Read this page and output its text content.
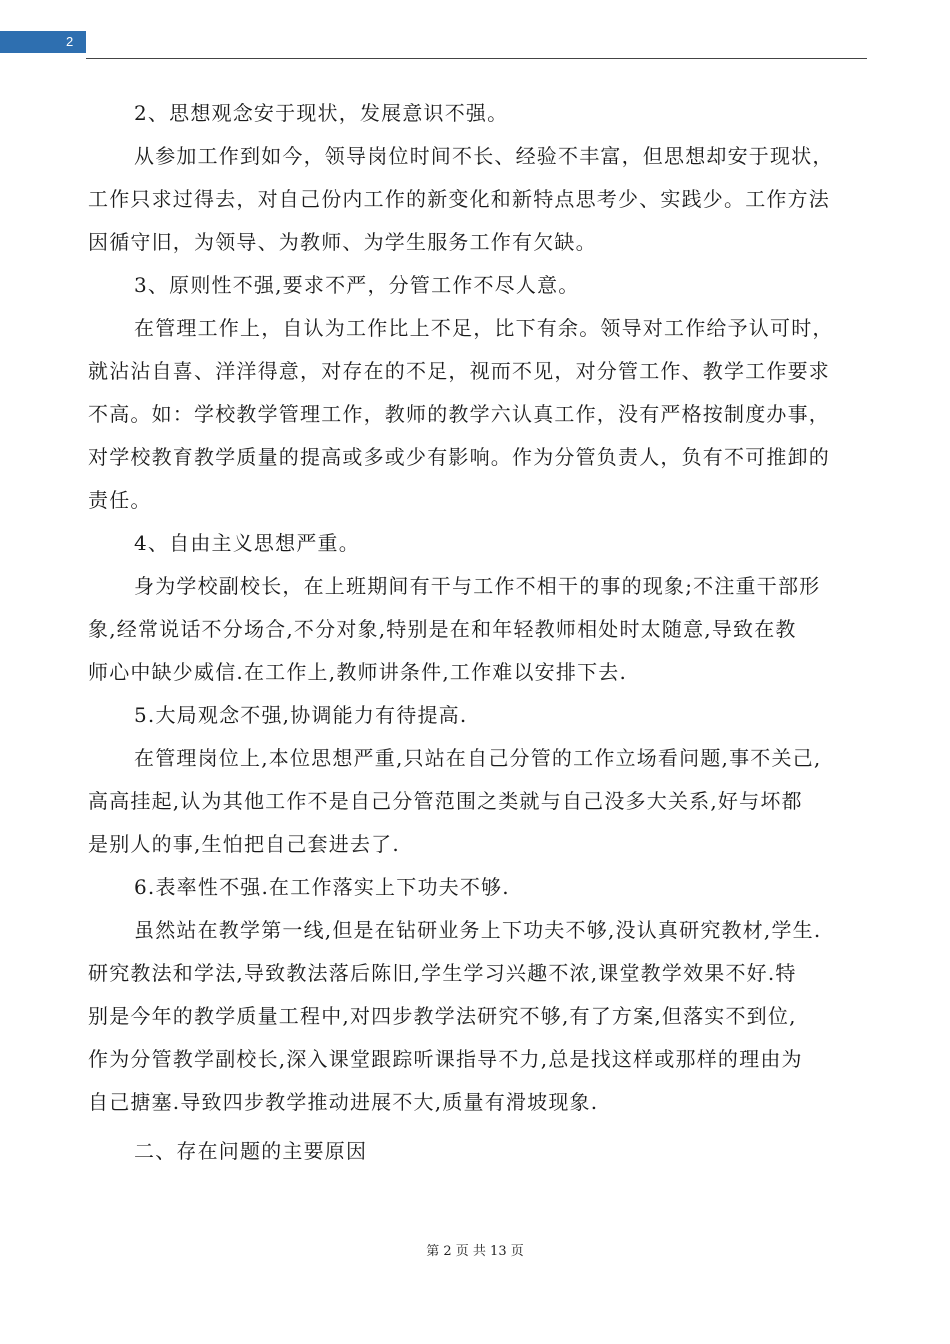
2

2、思想观念安于现状，发展意识不强。

从参加工作到如今，领导岗位时间不长、经验不丰富，但思想却安于现状，

工作只求过得去，对自己份内工作的新变化和新特点思考少、实践少。工作方法

因循守旧，为领导、为教师、为学生服务工作有欠缺。

3、原则性不强,要求不严，分管工作不尽人意。

在管理工作上，自认为工作比上不足，比下有余。领导对工作给予认可时，

就沾沾自喜、洋洋得意，对存在的不足，视而不见，对分管工作、教学工作要求

不高。如：学校教学管理工作，教师的教学六认真工作，没有严格按制度办事，

对学校教育教学质量的提高或多或少有影响。作为分管负责人，负有不可推卸的

责任。

4、自由主义思想严重。

身为学校副校长，在上班期间有干与工作不相干的事的现象;不注重干部形

象,经常说话不分场合,不分对象,特别是在和年轻教师相处时太随意,导致在教

师心中缺少威信.在工作上,教师讲条件,工作难以安排下去.

5.大局观念不强,协调能力有待提高.

在管理岗位上,本位思想严重,只站在自己分管的工作立场看问题,事不关己,

高高挂起,认为其他工作不是自己分管范围之类就与自己没多大关系,好与坏都

是别人的事,生怕把自己套进去了.

6.表率性不强.在工作落实上下功夫不够.

虽然站在教学第一线,但是在钻研业务上下功夫不够,没认真研究教材,学生.

研究教法和学法,导致教法落后陈旧,学生学习兴趣不浓,课堂教学效果不好.特

别是今年的教学质量工程中,对四步教学法研究不够,有了方案,但落实不到位,

作为分管教学副校长,深入课堂跟踪听课指导不力,总是找这样或那样的理由为

自己搪塞.导致四步教学推动进展不大,质量有滑坡现象.

二、存在问题的主要原因

第 2 页 共 13 页
